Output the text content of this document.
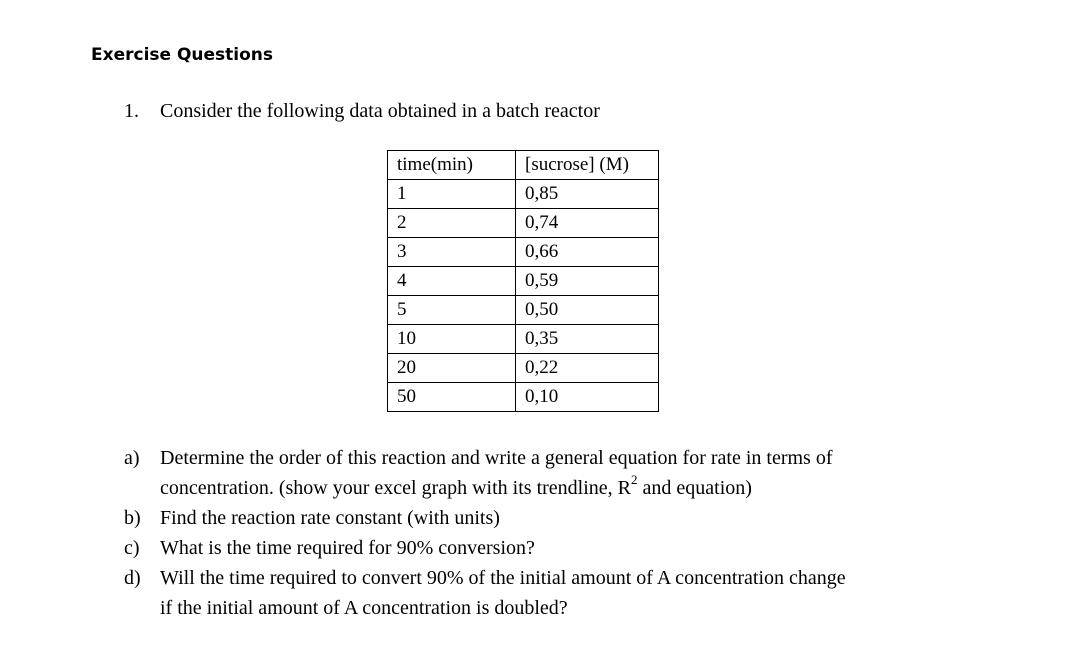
Exercise Questions
1. Consider the following data obtained in a batch reactor
time(min)	[sucrose] (M)
1	0,85
2	0,74
3	0,66
4	0,59
5	0,50
10	0,35
20	0,22
50	0,10
a)	Determine the order of this reaction and write a general equation for rate in terms of
concentration. (show your excel graph with its trendline, $R^2$ and equation)
b) Find the reaction rate constant (with units)
c)	What is the time required for 90% conversion?
d) Will the time required to convert 90% of the initial amount of A concentration change
if the initial amount of A concentration is doubled?
